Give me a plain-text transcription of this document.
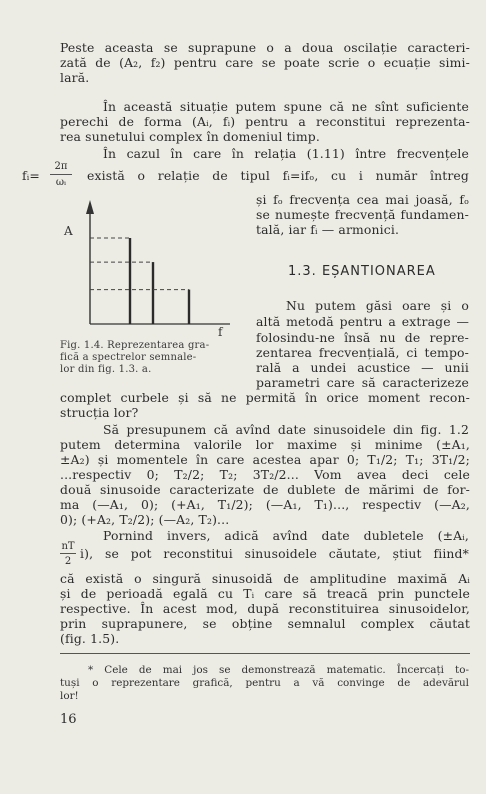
Peste aceasta se suprapune o a doua oscilație caracteri-
zată de (A₂, f₂) pentru care se poate scrie o ecuație simi-
lară.
În această situație putem spune că ne sînt suficiente
perechi de forma (Aᵢ, fᵢ) pentru a reconstitui reprezenta-
rea sunetului complex în domeniul timp.
În cazul în care în relația (1.11) între frecvențele
fᵢ=
2π
ωᵢ	există o relație de tipul fᵢ=ifₒ, cu i număr întreg
și fₒ frecvența cea mai joasă, fₒ
se numește frecvență fundamen-
tală, iar fᵢ — armonici.
A
f
Fig. 1.4. Reprezentarea gra-
fică a spectrelor semnale-
lor din fig. 1.3. a.
1.3. EȘANTIONAREA
Nu putem găsi oare și o
altă metodă pentru a extrage —
folosindu-ne însă nu de repre-
zentarea frecvențială, ci tempo-
rală a undei acustice — unii
parametri care să caracterizeze
complet curbele și să ne permită în orice moment recon-
strucția lor?
Să presupunem că avînd date sinusoidele din fig. 1.2
putem determina valorile lor maxime și minime (±A₁,
±A₂) și momentele în care acestea apar 0; T₁/2; T₁; 3T₁/2;
...respectiv 0; T₂/2; T₂; 3T₂/2... Vom avea deci cele
două sinusoide caracterizate de dublete de mărimi de for-
ma (—A₁, 0); (+A₁, T₁/2); (—A₁, T₁)..., respectiv (—A₂,
0); (+A₂, T₂/2); (—A₂, T₂)...
Pornind invers, adică avînd date dubletele (±Aᵢ,
nT
2
i), se pot reconstitui sinusoidele căutate, știut fiind*
că există o singură sinusoidă de amplitudine maximă Aᵢ
și de perioadă egală cu Tᵢ care să treacă prin punctele
respective. În acest mod, după reconstituirea sinusoidelor,
prin suprapunere, se obține semnalul complex căutat
(fig. 1.5).
* Cele de mai jos se demonstrează matematic. Încercați to-
tuși o reprezentare grafică, pentru a vă convinge de adevărul
lor!
16
